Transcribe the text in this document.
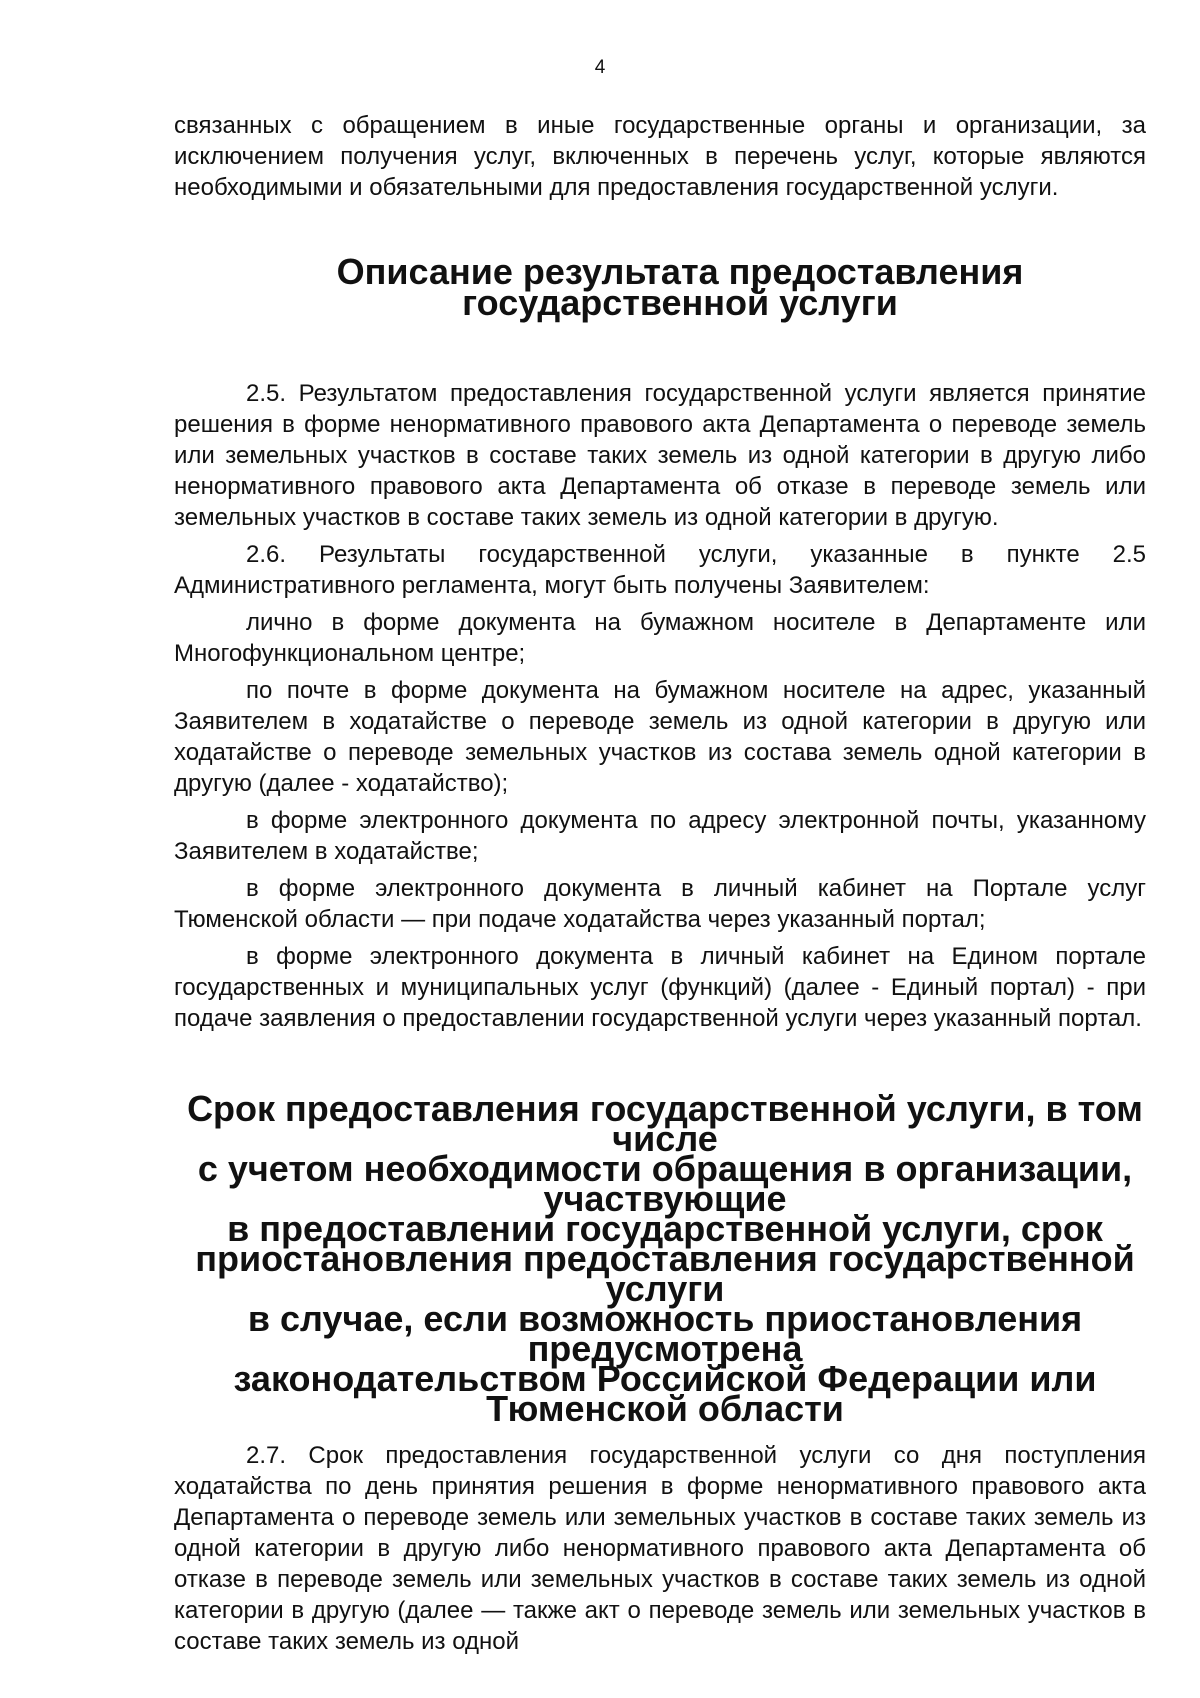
4

связанных с обращением в иные государственные органы и организации, за исключением получения услуг, включенных в перечень услуг, которые являются необходимыми и обязательными для предоставления государственной услуги.

Описание результата предоставления государственной услуги

2.5. Результатом предоставления государственной услуги является принятие решения в форме ненормативного правового акта Департамента о переводе земель или земельных участков в составе таких земель из одной категории в другую либо ненормативного правового акта Департамента об отказе в переводе земель или земельных участков в составе таких земель из одной категории в другую.

2.6. Результаты государственной услуги, указанные в пункте 2.5 Административного регламента, могут быть получены Заявителем:

лично в форме документа на бумажном носителе в Департаменте или Многофункциональном центре;

по почте в форме документа на бумажном носителе на адрес, указанный Заявителем в ходатайстве о переводе земель из одной категории в другую или ходатайстве о переводе земельных участков из состава земель одной категории в другую (далее - ходатайство);

в форме электронного документа по адресу электронной почты, указанному Заявителем в ходатайстве;

в форме электронного документа в личный кабинет на Портале услуг Тюменской области — при подаче ходатайства через указанный портал;

в форме электронного документа в личный кабинет на Едином портале государственных и муниципальных услуг (функций) (далее - Единый портал) - при подаче заявления о предоставлении государственной услуги через указанный портал.

Срок предоставления государственной услуги, в том числе
с учетом необходимости обращения в организации, участвующие
в предоставлении государственной услуги, срок
приостановления предоставления государственной услуги
в случае, если возможность приостановления предусмотрена
законодательством Российской Федерации или Тюменской области

2.7. Срок предоставления государственной услуги со дня поступления ходатайства по день принятия решения в форме ненормативного правового акта Департамента о переводе земель или земельных участков в составе таких земель из одной категории в другую либо ненормативного правового акта Департамента об отказе в переводе земель или земельных участков в составе таких земель из одной категории в другую (далее — также акт о переводе земель или земельных участков в составе таких земель из одной
